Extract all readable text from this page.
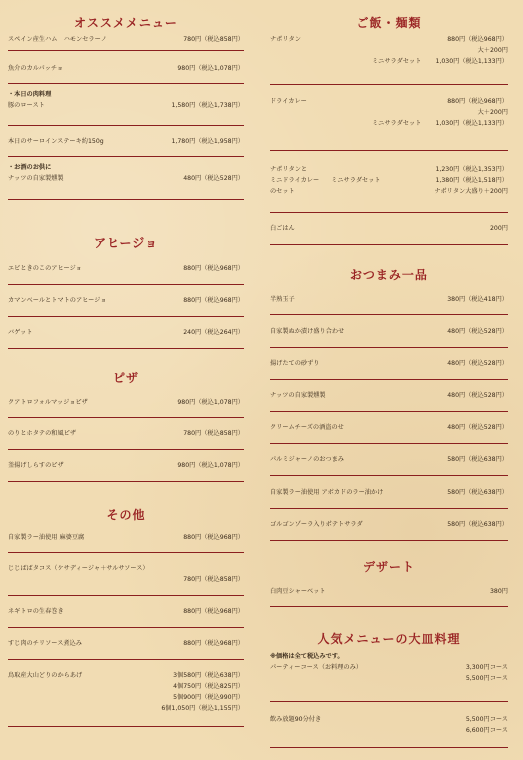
オススメメニュー
スペイン産生ハム　ハモンセラーノ	780円（税込858円）
魚介のカルパッチョ	980円（税込1,078円）
・本日の肉料理
豚のロースト	1,580円（税込1,738円）
本日のサーロインステーキ約150g	1,780円（税込1,958円）
・お酒のお供に
ナッツの自家製燻製	480円（税込528円）
アヒージョ
エビときのこのアヒージョ	880円（税込968円）
カマンベールとトマトのアヒージョ	880円（税込968円）
バゲット	240円（税込264円）
ピザ
クアトロフォルマッジョピザ	980円（税込1,078円）
のりとホタテの和風ピザ	780円（税込858円）
釜揚げしらすのピザ	980円（税込1,078円）
その他
自家製ラー油使用 麻婆豆腐	880円（税込968円）
じじばばタコス（ケサディージャ＋サルサソース）
780円（税込858円）
ネギトロの生春巻き	880円（税込968円）
すじ肉のチリソース煮込み	880円（税込968円）
鳥取産大山どりのからあげ	3個580円（税込638円）
4個750円（税込825円）
5個900円（税込990円）
6個1,050円（税込1,155円）
ご飯・麺類
ナポリタン	880円（税込968円）
大＋200円
ミニサラダセット	1,030円（税込1,133円）
ドライカレー	880円（税込968円）
大＋200円
ミニサラダセット	1,030円（税込1,133円）
ナポリタンと	1,230円（税込1,353円）
ミニドライカレー ミニサラダセット	1,380円（税込1,518円）
のセット	ナポリタン大盛り＋200円
白ごはん	200円
おつまみ一品
半熟玉子	380円（税込418円）
自家製ぬか漬け盛り合わせ	480円（税込528円）
揚げたての砂ずり	480円（税込528円）
ナッツの自家製燻製	480円（税込528円）
クリームチーズの酒盗のせ	480円（税込528円）
パルミジャーノのおつまみ	580円（税込638円）
自家製ラー油使用 アボカドのラー油かけ	580円（税込638円）
ゴルゴンゾーラ入りポテトサラダ	580円（税込638円）
デザート
白肉豆シャーベット	380円
人気メニューの大皿料理
※価格は全て税込みです。
パーティーコース（お料理のみ）	3,300円コース
5,500円コース
飲み放題90分付き	5,500円コース
6,600円コース
